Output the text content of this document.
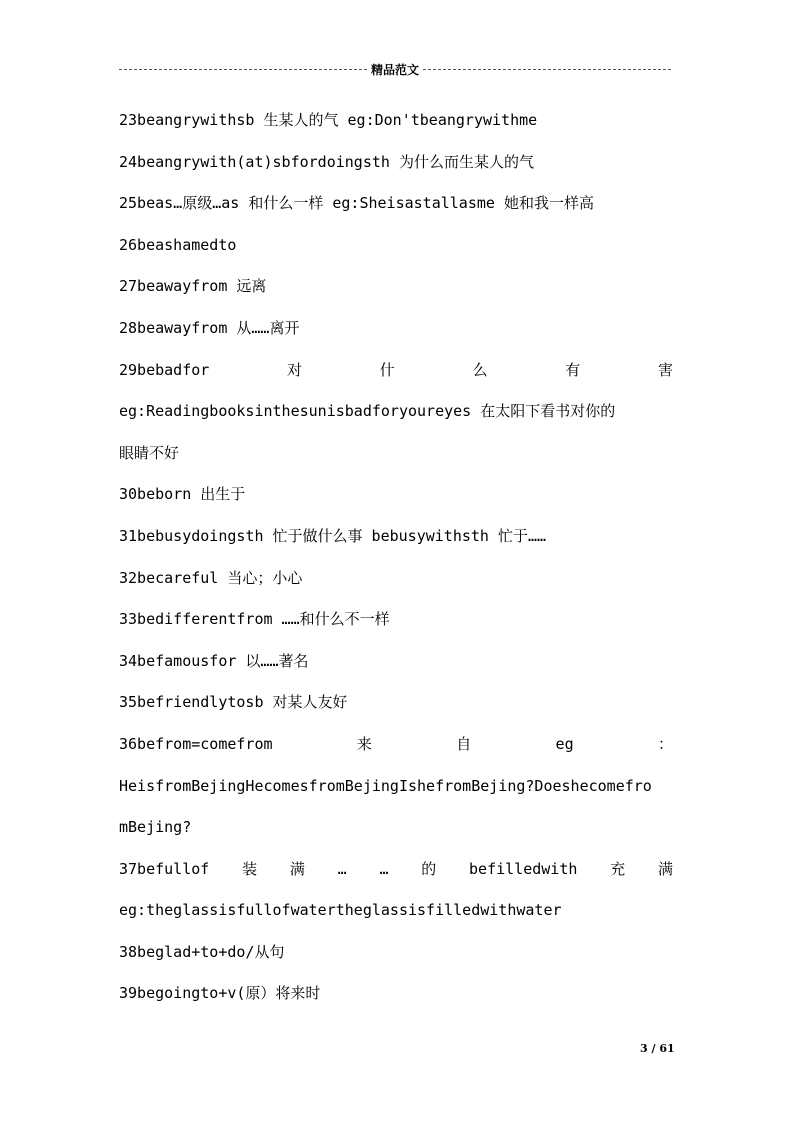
精品范文
23beangrywithsb 生某人的气 eg:Don'tbeangrywithme
24beangrywith(at)sbfordoingsth 为什么而生某人的气
25beas…原级…as 和什么一样 eg:Sheisastallasme 她和我一样高
26beashamedto
27beawayfrom 远离
28beawayfrom 从……离开
29bebadfor	对	什	么	有	害
eg:Readingbooksinthesunisbadforyoureyes 在太阳下看书对你的
眼睛不好
30beborn 出生于
31bebusydoingsth 忙于做什么事 bebusywithsth 忙于……
32becareful 当心；小心
33bedifferentfrom ……和什么不一样
34befamousfor 以……著名
35befriendlytosb 对某人友好
36befrom=comefrom	来	自	eg	：
HeisfromBejingHecomesfromBejingIshefromBejing?Doeshecomefro
mBejing?
37befullof 装 满 … … 的 befilledwith 充 满
eg:theglassisfullofwatertheglassisfilledwithwater
38beglad+to+do/从句
39begoingto+v(原）将来时
3 / 61
